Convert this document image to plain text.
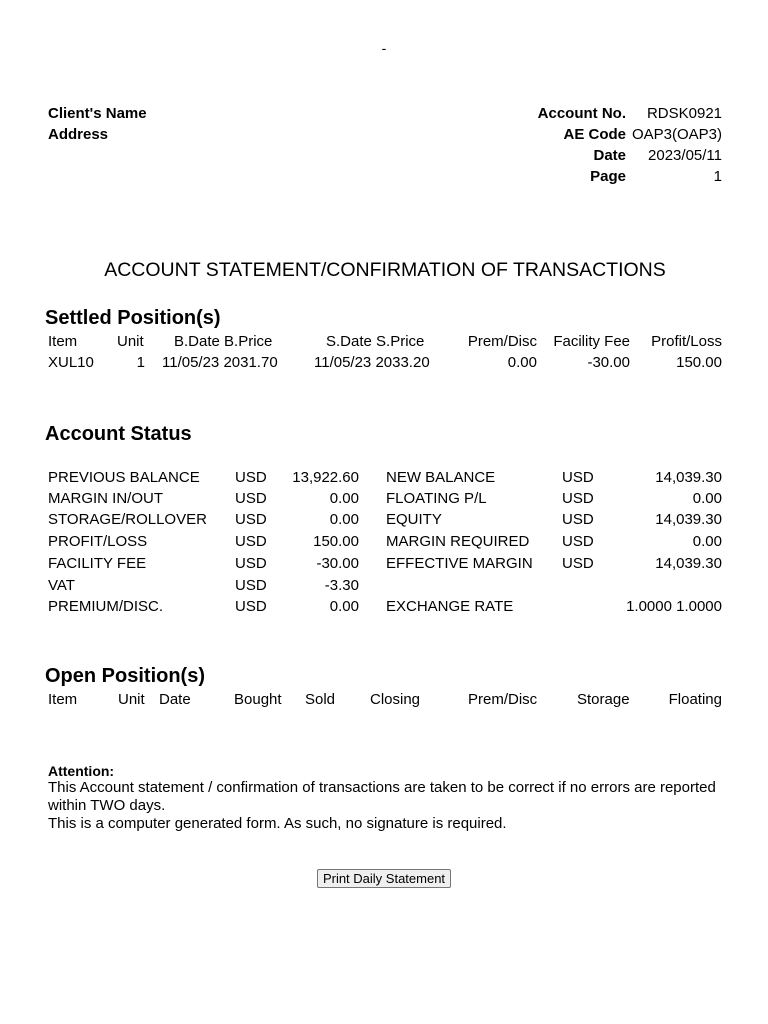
-
Client's Name
Address
Account No.	RDSK0921
AE Code OAP3(OAP3)
Date	2023/05/11
Page	1
ACCOUNT STATEMENT/CONFIRMATION OF TRANSACTIONS
Settled Position(s)
Item	Unit B.Date B.Price	S.Date S.Price	Prem/Disc	Facility Fee	Profit/Loss
XUL10	1 11/05/23 2031.70 11/05/23 2033.20	0.00	-30.00	150.00
Account Status
PREVIOUS BALANCE USD	13,922.60 NEW BALANCE	USD	14,039.30
MARGIN IN/OUT	USD	0.00 FLOATING P/L	USD	0.00
STORAGE/ROLLOVER USD	0.00 EQUITY	USD	14,039.30
PROFIT/LOSS	USD	150.00 MARGIN REQUIRED USD	0.00
FACILITY FEE	USD	-30.00 EFFECTIVE MARGIN USD	14,039.30
VAT	USD	-3.30
PREMIUM/DISC.	USD	0.00 EXCHANGE RATE	1.0000 1.0000
Open Position(s)
Item	Unit Date	Bought Sold Closing	Prem/Disc	Storage	Floating
Attention:
This Account statement / confirmation of transactions are taken to be correct if no errors are reported within TWO days.
This is a computer generated form. As such, no signature is required.
Print Daily Statement
